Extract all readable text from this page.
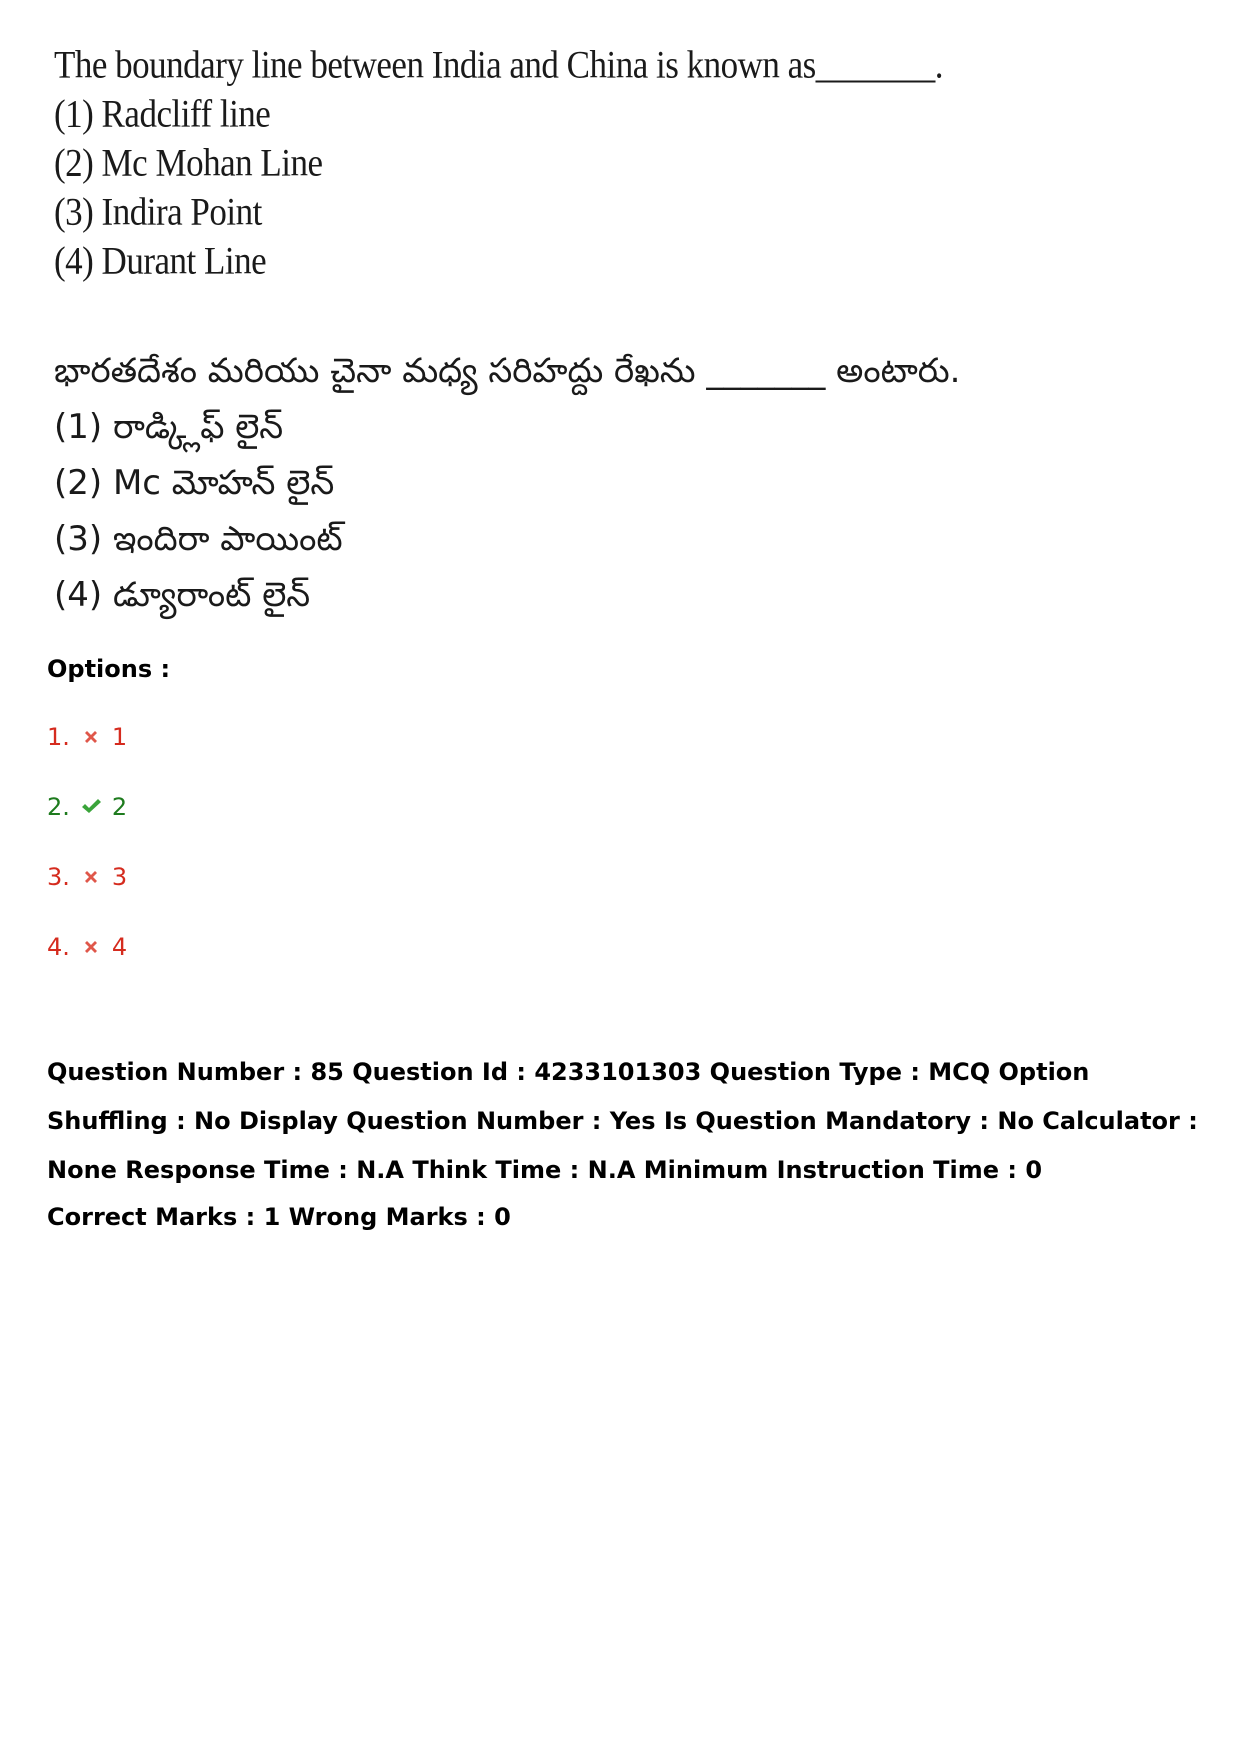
The boundary line between India and China is known as_______.
(1) Radcliff line
(2) Mc Mohan Line
(3) Indira Point
(4) Durant Line
భారతదేశం మరియు చైనా మధ్య సరిహద్దు రేఖను _______ అంటారు.
(1) రాడ్క్లిఫ్ లైన్
(2) Mc మోహన్ లైన్
(3) ఇందిరా పాయింట్
(4) డ్యూరాంట్ లైన్
Options :
1. 1
2. 2
3. 3
4. 4
Question Number : 85 Question Id : 4233101303 Question Type : MCQ Option Shuffling : No Display Question Number : Yes Is Question Mandatory : No Calculator : None Response Time : N.A Think Time : N.A Minimum Instruction Time : 0
Correct Marks : 1 Wrong Marks : 0
